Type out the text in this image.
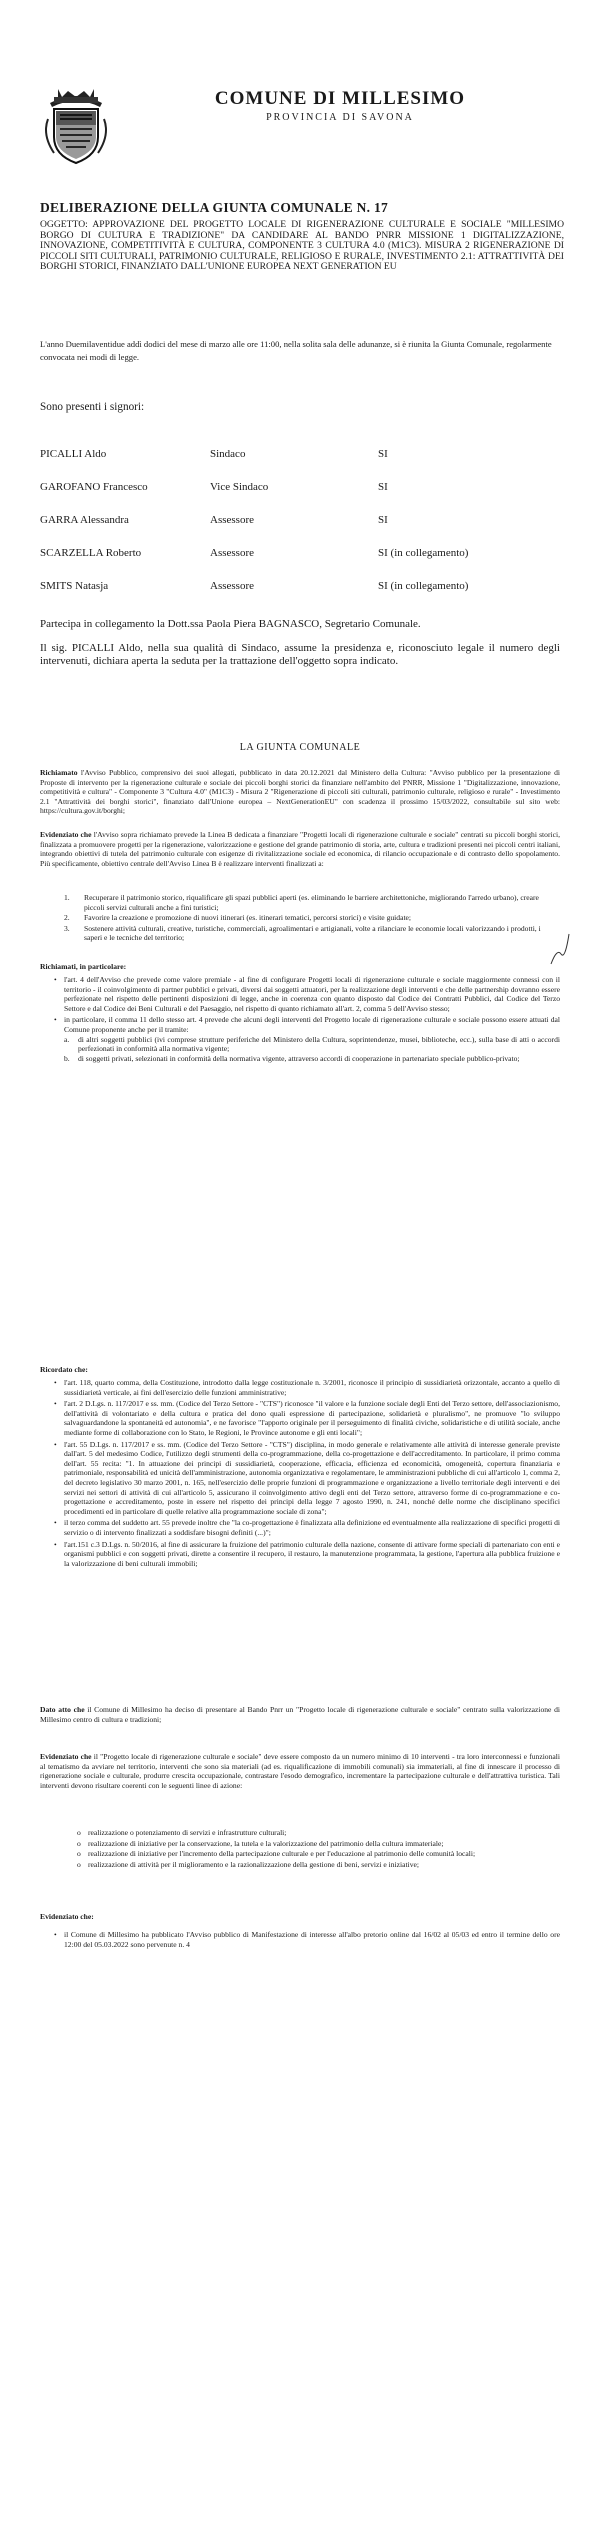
COMUNE DI MILLESIMO
PROVINCIA DI SAVONA
DELIBERAZIONE DELLA GIUNTA COMUNALE N. 17
OGGETTO: APPROVAZIONE DEL PROGETTO LOCALE DI RIGENERAZIONE CULTURALE E SOCIALE "MILLESIMO BORGO DI CULTURA E TRADIZIONE" DA CANDIDARE AL BANDO PNRR MISSIONE 1 DIGITALIZZAZIONE, INNOVAZIONE, COMPETITIVITÀ E CULTURA, COMPONENTE 3 CULTURA 4.0 (M1C3). MISURA 2 RIGENERAZIONE DI PICCOLI SITI CULTURALI, PATRIMONIO CULTURALE, RELIGIOSO E RURALE, INVESTIMENTO 2.1: ATTRATTIVITÀ DEI BORGHI STORICI, FINANZIATO DALL'UNIONE EUROPEA NEXT GENERATION EU
L'anno Duemilaventidue addì dodici del mese di marzo alle ore 11:00, nella solita sala delle adunanze, si è riunita la Giunta Comunale, regolarmente convocata nei modi di legge.
Sono presenti i signori:
PICALLI Aldo	Sindaco	SI
GAROFANO Francesco	Vice Sindaco	SI
GARRA Alessandra	Assessore	SI
SCARZELLA Roberto	Assessore	SI (in collegamento)
SMITS Natasja	Assessore	SI (in collegamento)
Partecipa in collegamento la Dott.ssa Paola Piera BAGNASCO, Segretario Comunale.
Il sig. PICALLI Aldo, nella sua qualità di Sindaco, assume la presidenza e, riconosciuto legale il numero degli intervenuti, dichiara aperta la seduta per la trattazione dell'oggetto sopra indicato.
LA GIUNTA COMUNALE
Richiamato l'Avviso Pubblico, comprensivo dei suoi allegati, pubblicato in data 20.12.2021 dal Ministero della Cultura: "Avviso pubblico per la presentazione di Proposte di intervento per la rigenerazione culturale e sociale dei piccoli borghi storici da finanziare nell'ambito del PNRR, Missione 1 "Digitalizzazione, innovazione, competitività e cultura" - Componente 3 "Cultura 4.0" (M1C3) - Misura 2 "Rigenerazione di piccoli siti culturali, patrimonio culturale, religioso e rurale" - Investimento 2.1 "Attrattività dei borghi storici", finanziato dall'Unione europea – NextGenerationEU" con scadenza il prossimo 15/03/2022, consultabile sul sito web: https://cultura.gov.it/borghi;
Evidenziato che l'Avviso sopra richiamato prevede la Linea B dedicata a finanziare "Progetti locali di rigenerazione culturale e sociale" centrati su piccoli borghi storici, finalizzata a promuovere progetti per la rigenerazione, valorizzazione e gestione del grande patrimonio di storia, arte, cultura e tradizioni presenti nei piccoli centri italiani, integrando obiettivi di tutela del patrimonio culturale con esigenze di rivitalizzazione sociale ed economica, di rilancio occupazionale e di contrasto dello spopolamento. Più specificamente, obiettivo centrale dell'Avviso Linea B è realizzare interventi finalizzati a:
1. Recuperare il patrimonio storico, riqualificare gli spazi pubblici aperti (es. eliminando le barriere architettoniche, migliorando l'arredo urbano), creare piccoli servizi culturali anche a fini turistici;
2. Favorire la creazione e promozione di nuovi itinerari (es. itinerari tematici, percorsi storici) e visite guidate;
3. Sostenere attività culturali, creative, turistiche, commerciali, agroalimentari e artigianali, volte a rilanciare le economie locali valorizzando i prodotti, i saperi e le tecniche del territorio;
Richiamati, in particolare:
• l'art. 4 dell'Avviso che prevede come valore premiale - al fine di configurare Progetti locali di rigenerazione culturale e sociale maggiormente connessi con il territorio - il coinvolgimento di partner pubblici e privati, diversi dai soggetti attuatori, per la realizzazione degli interventi e che delle partnership dovranno essere perfezionate nel rispetto delle pertinenti disposizioni di legge, anche in coerenza con quanto disposto dal Codice dei Contratti Pubblici, dal Codice del Terzo Settore e dal Codice dei Beni Culturali e del Paesaggio, nel rispetto di quanto richiamato all'art. 2, comma 5 dell'Avviso stesso;
• in particolare, il comma 11 dello stesso art. 4 prevede che alcuni degli interventi del Progetto locale di rigenerazione culturale e sociale possono essere attuati dal Comune proponente anche per il tramite:
a. di altri soggetti pubblici (ivi comprese strutture periferiche del Ministero della Cultura, soprintendenze, musei, biblioteche, ecc.), sulla base di atti o accordi perfezionati in conformità alla normativa vigente;
b. di soggetti privati, selezionati in conformità della normativa vigente, attraverso accordi di cooperazione in partenariato speciale pubblico-privato;
Ricordato che:
• l'art. 118, quarto comma, della Costituzione, introdotto dalla legge costituzionale n. 3/2001, riconosce il principio di sussidiarietà orizzontale, accanto a quello di sussidiarietà verticale, ai fini dell'esercizio delle funzioni amministrative;
• l'art. 2 D.Lgs. n. 117/2017 e ss. mm. (Codice del Terzo Settore - "CTS") riconosce "il valore e la funzione sociale degli Enti del Terzo settore, dell'associazionismo, dell'attività di volontariato e della cultura e pratica del dono quali espressione di partecipazione, solidarietà e pluralismo", ne promuove "lo sviluppo salvaguardandone la spontaneità ed autonomia", e ne favorisce "l'apporto originale per il perseguimento di finalità civiche, solidaristiche e di utilità sociale, anche mediante forme di collaborazione con lo Stato, le Regioni, le Province autonome e gli enti locali";
• l'art. 55 D.Lgs. n. 117/2017 e ss. mm. (Codice del Terzo Settore - "CTS") disciplina, in modo generale e relativamente alle attività di interesse generale previste dall'art. 5 del medesimo Codice, l'utilizzo degli strumenti della co-programmazione, della co-progettazione e dell'accreditamento. In particolare, il primo comma dell'art. 55 recita: "1. In attuazione dei principi di sussidiarietà, cooperazione, efficacia, efficienza ed economicità, omogeneità, copertura finanziaria e patrimoniale, responsabilità ed unicità dell'amministrazione, autonomia organizzativa e regolamentare, le amministrazioni pubbliche di cui all'articolo 1, comma 2, del decreto legislativo 30 marzo 2001, n. 165, nell'esercizio delle proprie funzioni di programmazione e organizzazione a livello territoriale degli interventi e dei servizi nei settori di attività di cui all'articolo 5, assicurano il coinvolgimento attivo degli enti del Terzo settore, attraverso forme di co-programmazione e co-progettazione e accreditamento, poste in essere nel rispetto dei principi della legge 7 agosto 1990, n. 241, nonché delle norme che disciplinano specifici procedimenti ed in particolare di quelle relative alla programmazione sociale di zona";
• il terzo comma del suddetto art. 55 prevede inoltre che "la co-progettazione è finalizzata alla definizione ed eventualmente alla realizzazione di specifici progetti di servizio o di intervento finalizzati a soddisfare bisogni definiti (...)";
• l'art.151 c.3 D.Lgs. n. 50/2016, al fine di assicurare la fruizione del patrimonio culturale della nazione, consente di attivare forme speciali di partenariato con enti e organismi pubblici e con soggetti privati, dirette a consentire il recupero, il restauro, la manutenzione programmata, la gestione, l'apertura alla pubblica fruizione e la valorizzazione di beni culturali immobili;
Dato atto che il Comune di Millesimo ha deciso di presentare al Bando Pnrr un "Progetto locale di rigenerazione culturale e sociale" centrato sulla valorizzazione di Millesimo centro di cultura e tradizioni;
Evidenziato che il "Progetto locale di rigenerazione culturale e sociale" deve essere composto da un numero minimo di 10 interventi - tra loro interconnessi e funzionali al tematismo da avviare nel territorio, interventi che sono sia materiali (ad es. riqualificazione di immobili comunali) sia immateriali, al fine di innescare il processo di rigenerazione sociale e culturale, produrre crescita occupazionale, contrastare l'esodo demografico, incrementare la partecipazione culturale e dell'attrattiva turistica. Tali interventi devono risultare coerenti con le seguenti linee di azione:
o realizzazione o potenziamento di servizi e infrastrutture culturali;
o realizzazione di iniziative per la conservazione, la tutela e la valorizzazione del patrimonio della cultura immateriale;
o realizzazione di iniziative per l'incremento della partecipazione culturale e per l'educazione al patrimonio delle comunità locali;
o realizzazione di attività per il miglioramento e la razionalizzazione della gestione di beni, servizi e iniziative;
Evidenziato che:
• il Comune di Millesimo ha pubblicato l'Avviso pubblico di Manifestazione di interesse all'albo pretorio online dal 16/02 al 05/03 ed entro il termine dello ore 12:00 del 05.03.2022 sono pervenute n. 4
